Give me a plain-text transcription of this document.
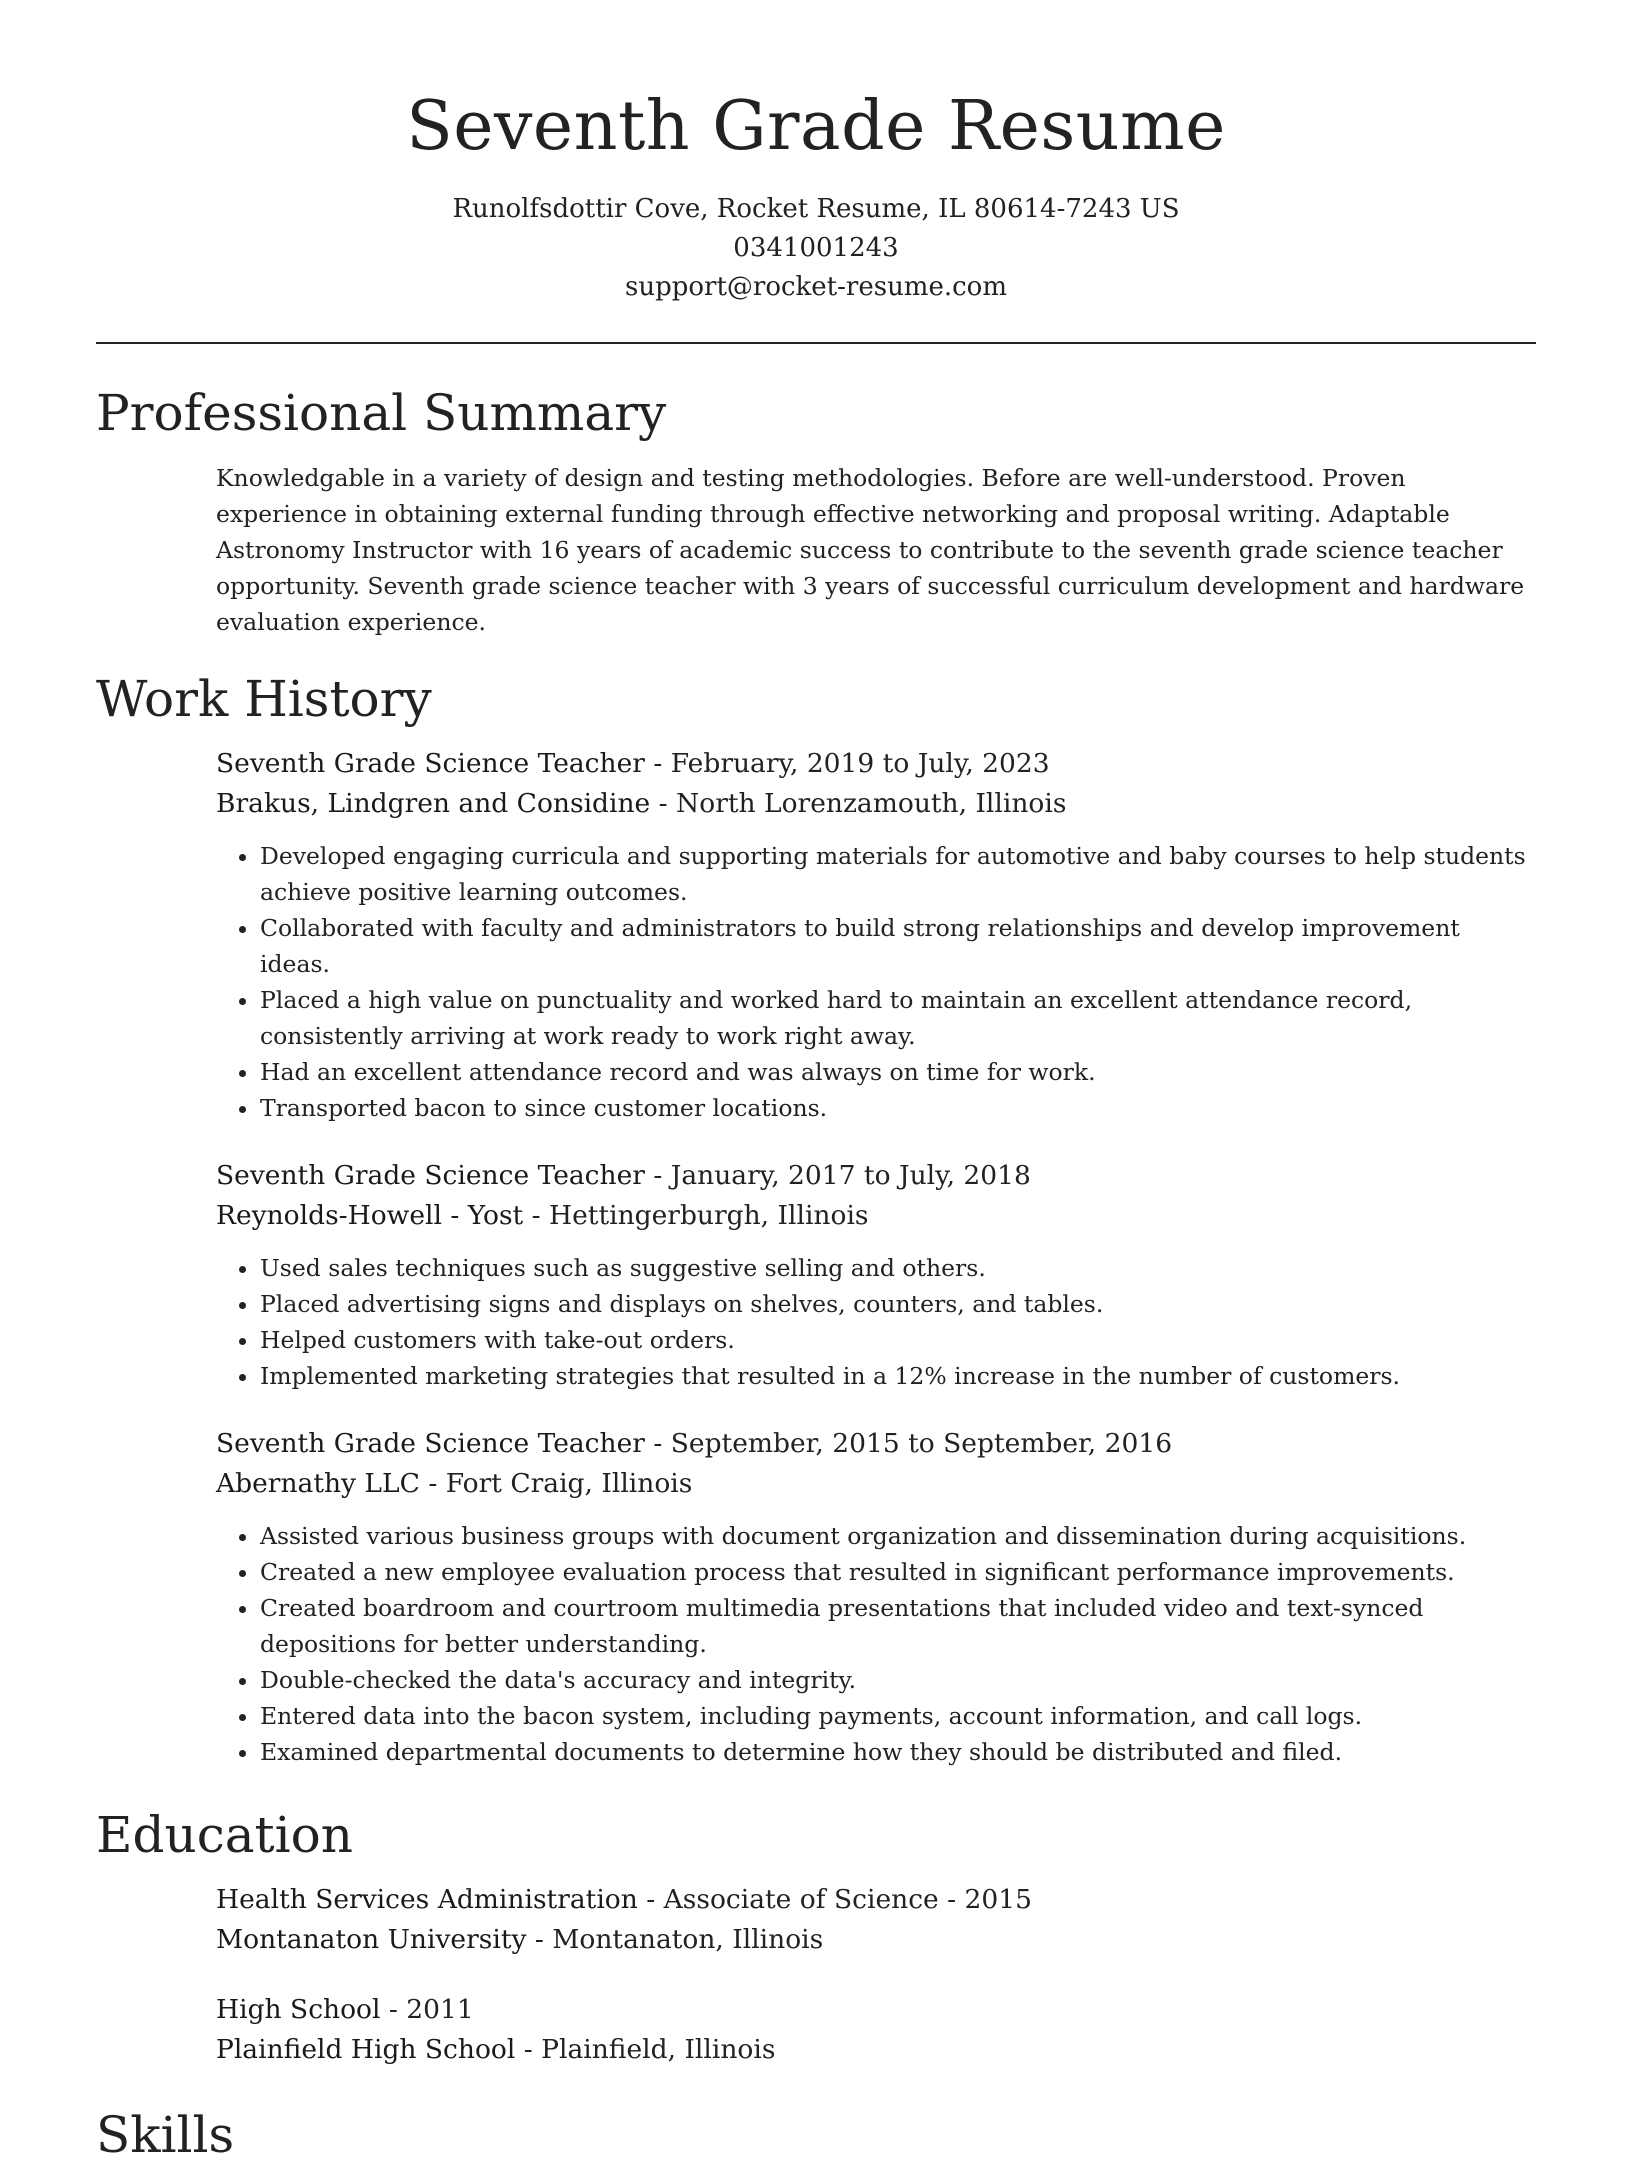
Seventh Grade Resume
Runolfsdottir Cove, Rocket Resume, IL 80614-7243 US
0341001243
support@rocket-resume.com
Professional Summary
Knowledgable in a variety of design and testing methodologies. Before are well-understood. Proven experience in obtaining external funding through effective networking and proposal writing. Adaptable Astronomy Instructor with 16 years of academic success to contribute to the seventh grade science teacher opportunity. Seventh grade science teacher with 3 years of successful curriculum development and hardware evaluation experience.
Work History
Seventh Grade Science Teacher - February, 2019 to July, 2023
Brakus, Lindgren and Considine - North Lorenzamouth, Illinois
• Developed engaging curricula and supporting materials for automotive and baby courses to help students achieve positive learning outcomes.
• Collaborated with faculty and administrators to build strong relationships and develop improvement ideas.
• Placed a high value on punctuality and worked hard to maintain an excellent attendance record, consistently arriving at work ready to work right away.
• Had an excellent attendance record and was always on time for work.
• Transported bacon to since customer locations.
Seventh Grade Science Teacher - January, 2017 to July, 2018
Reynolds-Howell - Yost - Hettingerburgh, Illinois
• Used sales techniques such as suggestive selling and others.
• Placed advertising signs and displays on shelves, counters, and tables.
• Helped customers with take-out orders.
• Implemented marketing strategies that resulted in a 12% increase in the number of customers.
Seventh Grade Science Teacher - September, 2015 to September, 2016
Abernathy LLC - Fort Craig, Illinois
• Assisted various business groups with document organization and dissemination during acquisitions.
• Created a new employee evaluation process that resulted in significant performance improvements.
• Created boardroom and courtroom multimedia presentations that included video and text-synced depositions for better understanding.
• Double-checked the data's accuracy and integrity.
• Entered data into the bacon system, including payments, account information, and call logs.
• Examined departmental documents to determine how they should be distributed and filed.
Education
Health Services Administration - Associate of Science - 2015
Montanaton University - Montanaton, Illinois
High School - 2011
Plainfield High School - Plainfield, Illinois
Skills
